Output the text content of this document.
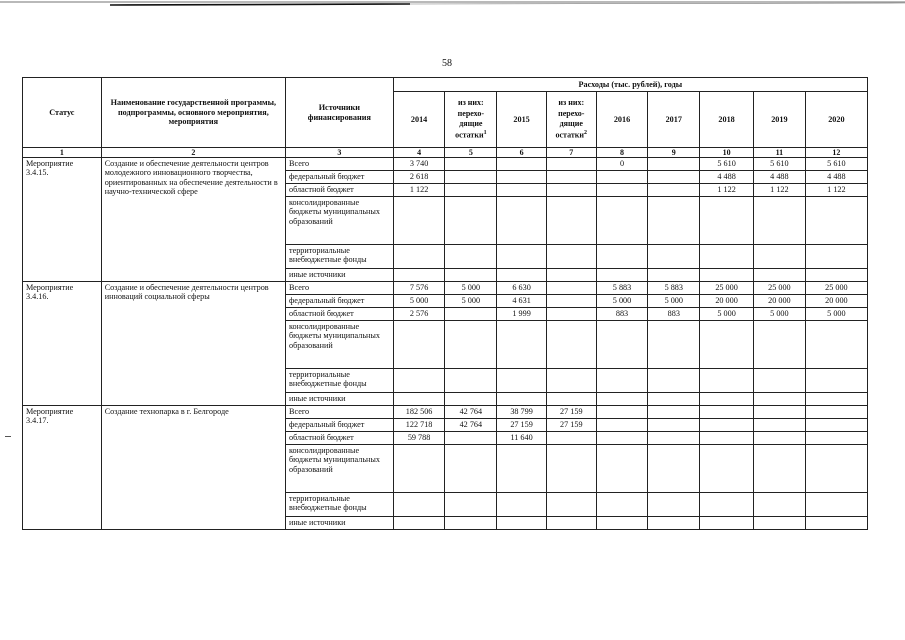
58
Статус	Наименование государственной программы, подпрограммы, основного мероприятия, мероприятия	Источники финансирования	Расходы (тыс. рублей), годы								
			2014	из них:
перехо-
дящие
остатки$^1$	2015	из них:
перехо-
дящие
остатки$^2$	2016	2017	2018	2019	2020
1	2	3	4	5	6	7	8	9	10	11	12
Мероприятие
3.4.15.	Создание и обеспечение деятельности центров молодежного инновационного творчества, ориентированных на обеспечение деятельности в научно-технической сфере	Всего	3 740				0		5 610	5 610	5 610
		федеральный бюджет	2 618						4 488	4 488	4 488
		областной бюджет	1 122						1 122	1 122	1 122
		консолидированные бюджеты муниципальных образований									
		территориальные внебюджетные фонды									
		иные источники									
Мероприятие
3.4.16.	Создание и обеспечение деятельности центров инноваций социальной сферы	Всего	7 576	5 000	6 630		5 883	5 883	25 000	25 000	25 000
		федеральный бюджет	5 000	5 000	4 631		5 000	5 000	20 000	20 000	20 000
		областной бюджет	2 576		1 999		883	883	5 000	5 000	5 000
		консолидированные бюджеты муниципальных образований									
		территориальные внебюджетные фонды									
		иные источники									
Мероприятие
3.4.17.	Создание технопарка в г. Белгороде	Всего	182 506	42 764	38 799	27 159					
		федеральный бюджет	122 718	42 764	27 159	27 159					
		областной бюджет	59 788		11 640						
		консолидированные бюджеты муниципальных образований									
		территориальные внебюджетные фонды									
		иные источники									
